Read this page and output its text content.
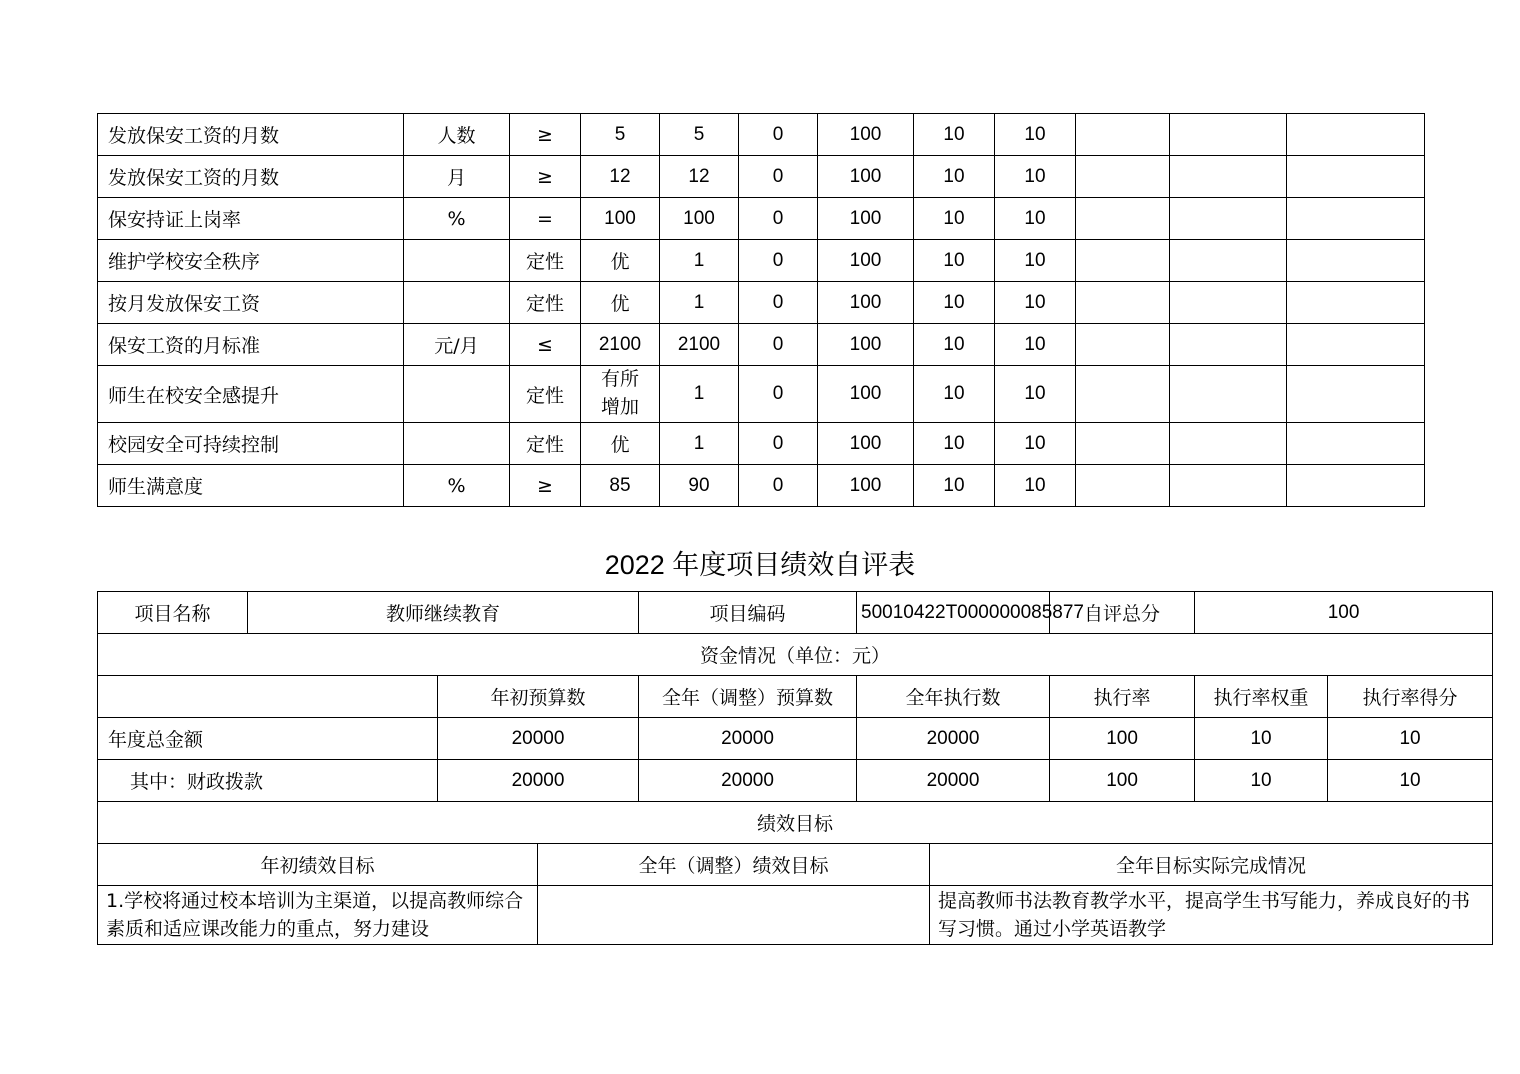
发放保安工资的月数	人数	≥	5	5	0	100	10	10			
发放保安工资的月数	月	≥	12	12	0	100	10	10			
保安持证上岗率	%	=	100	100	0	100	10	10			
维护学校安全秩序		定性	优	1	0	100	10	10			
按月发放保安工资		定性	优	1	0	100	10	10			
保安工资的月标准	元/月	≤	2100	2100	0	100	10	10			
师生在校安全感提升		定性	有所增加	1	0	100	10	10			
校园安全可持续控制		定性	优	1	0	100	10	10			
师生满意度	%	≥	85	90	0	100	10	10			
2022 年度项目绩效自评表
项目名称	教师继续教育			项目编码	50010422T000000085877		自评总分	100	
资金情况（单位：元）									
		年初预算数		全年（调整）预算数	全年执行数		执行率	执行率权重	执行率得分
年度总金额		20000		20000	20000		100	10	10
其中：财政拨款		20000		20000	20000		100	10	10
绩效目标									
年初绩效目标			全年（调整）绩效目标			全年目标实际完成情况			
1.学校将通过校本培训为主渠道，以提高教师综合素质和适应课改能力的重点，努力建设						提高教师书法教育教学水平，提高学生书写能力，养成良好的书写习惯。通过小学英语教学			
